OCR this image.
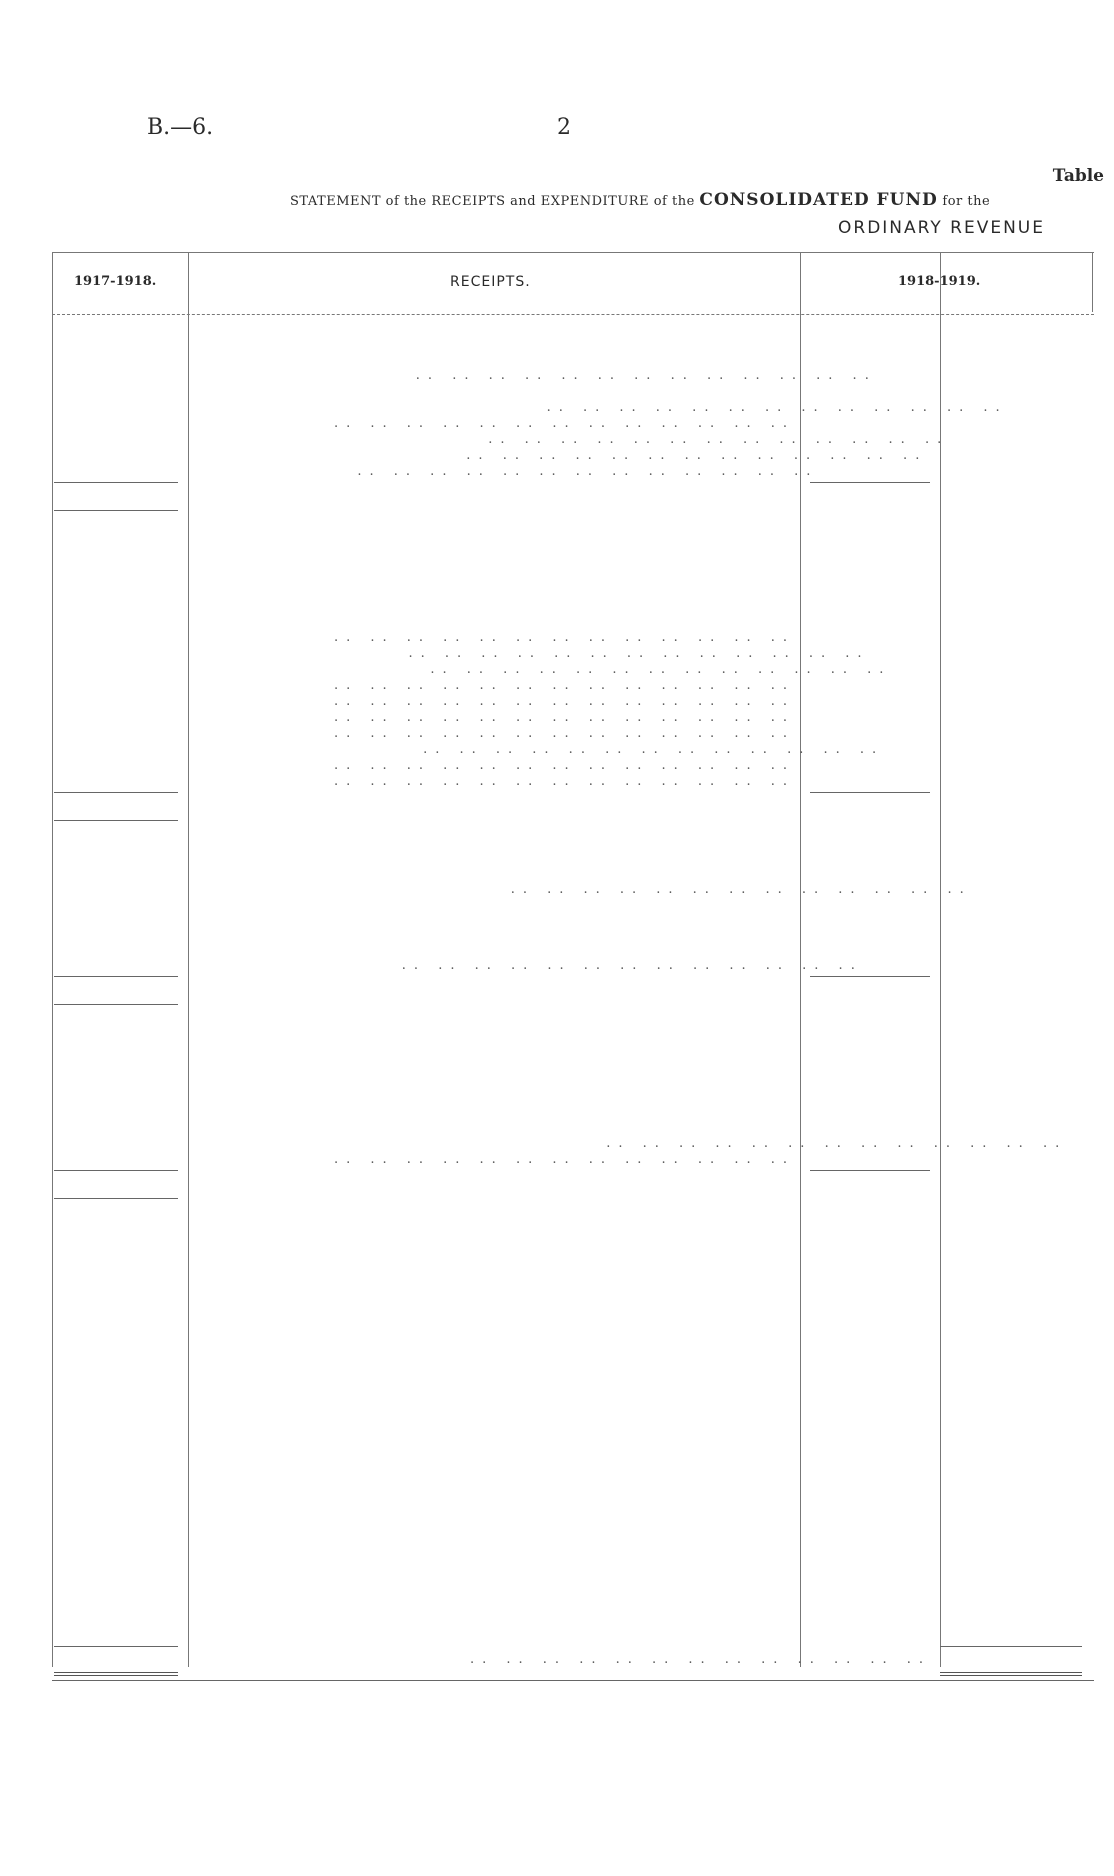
B.—6.	2
Table
STATEMENT of the RECEIPTS and EXPENDITURE of the CONSOLIDATED FUND for the
ORDINARY REVENUE
1917-1918.	RECEIPTS.	1918-1919.
.. .. .. .. .. .. .. .. .. .. .. .. ..
.. .. .. .. .. .. .. .. .. .. .. .. ..
.. .. .. .. .. .. .. .. .. .. .. .. ..
.. .. .. .. .. .. .. .. .. .. .. .. ..
.. .. .. .. .. .. .. .. .. .. .. .. ..
.. .. .. .. .. .. .. .. .. .. .. .. ..
.. .. .. .. .. .. .. .. .. .. .. .. ..
.. .. .. .. .. .. .. .. .. .. .. .. ..
.. .. .. .. .. .. .. .. .. .. .. .. ..
.. .. .. .. .. .. .. .. .. .. .. .. ..
.. .. .. .. .. .. .. .. .. .. .. .. ..
.. .. .. .. .. .. .. .. .. .. .. .. ..
.. .. .. .. .. .. .. .. .. .. .. .. ..
.. .. .. .. .. .. .. .. .. .. .. .. ..
.. .. .. .. .. .. .. .. .. .. .. .. ..
.. .. .. .. .. .. .. .. .. .. .. .. ..
.. .. .. .. .. .. .. .. .. .. .. .. ..
.. .. .. .. .. .. .. .. .. .. .. .. ..
.. .. .. .. .. .. .. .. .. .. .. .. ..
.. .. .. .. .. .. .. .. .. .. .. .. ..
.. .. .. .. .. .. .. .. .. .. .. .. ..
